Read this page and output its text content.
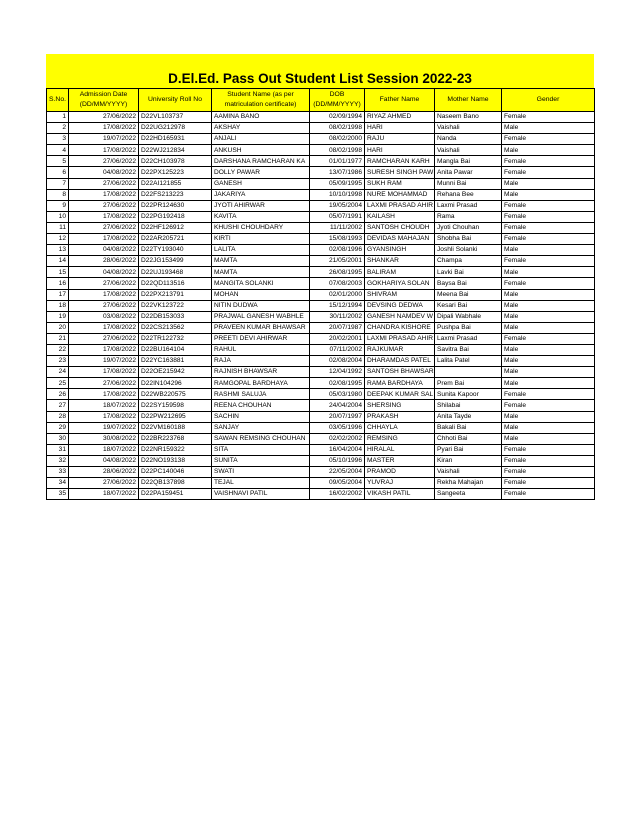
D.El.Ed. Pass Out Student List Session 2022-23
S.No.	Admission Date (DD/MM/YYYY)	University Roll No	Student Name (as per matriculation certificate)	DOB (DD/MM/YYYY)	Father Name	Mother Name	Gender
1	27/06/2022	D22VL103737	AAMINA BANO	02/09/1994	RIYAZ AHMED	Naseem Bano	Female
2	17/08/2022	D22UG212978	AKSHAY	08/02/1998	HARI	Vaishali	Male
3	19/07/2022	D22HD165931	ANJALI	08/02/2000	RAJU	Nanda	Female
4	17/08/2022	D22WJ212834	ANKUSH	08/02/1998	HARI	Vaishali	Male
5	27/06/2022	D22CH103978	DARSHANA RAMCHARAN KA	01/01/1977	RAMCHARAN KARH	Mangla Bai	Female
6	04/08/2022	D22PX125223	DOLLY PAWAR	13/07/1986	SURESH SINGH PAW	Anita Pawar	Female
7	27/06/2022	D22AI121855	GANESH	05/09/1995	SUKH RAM	Munni Bai	Male
8	17/08/2022	D22FS213223	JAKARIYA	10/10/1998	NURE MOHAMMAD	Rehana Bee	Male
9	27/06/2022	D22PR124630	JYOTI AHIRWAR	19/05/2004	LAXMI PRASAD AHIR	Laxmi Prasad	Female
10	17/08/2022	D22PG192418	KAVITA	05/07/1991	KAILASH	Rama	Female
11	27/06/2022	D22HF126912	KHUSHI CHOUHDARY	11/11/2002	SANTOSH CHOUDH	Jyoti Chouhan	Female
12	17/08/2022	D22AR205721	KIRTI	15/08/1993	DEVIDAS MAHAJAN	Shobha Bai	Female
13	04/08/2022	D22TY193040	LALITA	02/08/1996	GYANSINGH	Joshli Solanki	Male
14	28/06/2022	D22JG153499	MAMTA	21/05/2001	SHANKAR	Champa	Female
15	04/08/2022	D22UJ193468	MAMTA	26/08/1995	BALIRAM	Lavki Bai	Male
16	27/06/2022	D22QD113516	MANGITA SOLANKI	07/08/2003	GOKHARIYA SOLAN	Baysa Bai	Female
17	17/08/2022	D22PX213791	MOHAN	02/01/2000	SHIVRAM	Meena Bai	Male
18	27/06/2022	D22VK123722	NITIN DUDWA	15/12/1994	DEVSING DEDWA	Kesari Bai	Male
19	03/08/2022	D22DB153033	PRAJWAL GANESH WABHLE	30/11/2002	GANESH NAMDEV W	Dipali Wabhale	Male
20	17/08/2022	D22CS213562	PRAVEEN KUMAR BHAWSAR	20/07/1987	CHANDRA KISHORE	Pushpa Bai	Male
21	27/06/2022	D22TR122732	PREETI DEVI AHIRWAR	20/02/2001	LAXMI PRASAD AHIR	Laxmi Prasad	Female
22	17/08/2022	D22BU164104	RAHUL	07/11/2002	RAJKUMAR	Savitra Bai	Male
23	19/07/2022	D22YC163881	RAJA	02/08/2004	DHARAMDAS PATEL	Lalita Patel	Male
24	17/08/2022	D22OE215942	RAJNISH BHAWSAR	12/04/1992	SANTOSH BHAWSAR		Male
25	27/06/2022	D22IN104296	RAMGOPAL BARDHAYA	02/08/1995	RAMA BARDHAYA	Prem Bai	Male
26	17/08/2022	D22WB220575	RASHMI SALUJA	05/03/1980	DEEPAK KUMAR SAL	Sunita Kapoor	Female
27	18/07/2022	D22SY159598	REENA CHOUHAN	24/04/2004	SHERSING	Shilabai	Female
28	17/08/2022	D22PW212695	SACHIN	20/07/1997	PRAKASH	Anita Tayde	Male
29	19/07/2022	D22VM160188	SANJAY	03/05/1996	CHHAYLA	Bakali Bai	Male
30	30/08/2022	D22BR223768	SAWAN REMSING CHOUHAN	02/02/2002	REMSING	Chhoti Bai	Male
31	18/07/2022	D22NR159322	SITA	16/04/2004	HIRALAL	Pyari Bai	Female
32	04/08/2022	D22NO193138	SUNITA	05/10/1996	MASTER	Kiran	Female
33	28/06/2022	D22PC140046	SWATI	22/05/2004	PRAMOD	Vaishali	Female
34	27/06/2022	D22QB137898	TEJAL	09/05/2004	YUVRAJ	Rekha Mahajan	Female
35	18/07/2022	D22PA159451	VAISHNAVI PATIL	16/02/2002	VIKASH PATIL	Sangeeta	Female
